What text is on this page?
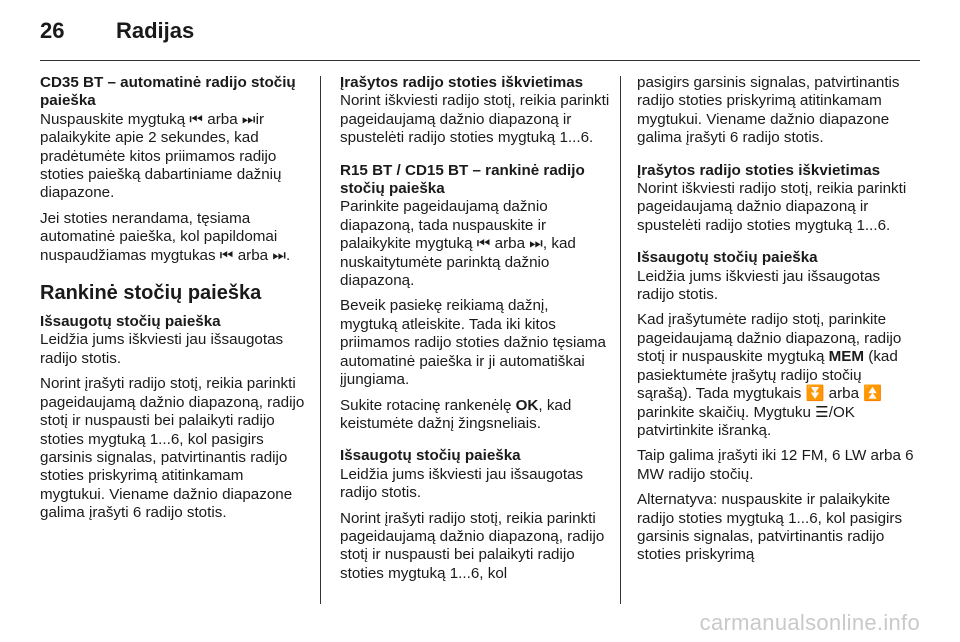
26	Radijas
CD35 BT – automatinė radijo stočių paieška
Nuspauskite mygtuką ⏮ arba ⏭ir palaikykite apie 2 sekundes, kad pradėtumėte kitos priimamos radijo stoties paiešką dabartiniame dažnių diapazone.
Jei stoties nerandama, tęsiama automatinė paieška, kol papildomai nuspaudžiamas mygtukas ⏮ arba ⏭.
Rankinė stočių paieška
Išsaugotų stočių paieška
Leidžia jums iškviesti jau išsaugotas radijo stotis.
Norint įrašyti radijo stotį, reikia parinkti pageidaujamą dažnio diapazoną, radijo stotį ir nuspausti bei palaikyti radijo stoties mygtuką 1...6, kol pasigirs garsinis signalas, patvirtinantis radijo stoties priskyrimą atitinkamam mygtukui. Viename dažnio diapazone galima įrašyti 6 radijo stotis.
Įrašytos radijo stoties iškvietimas
Norint iškviesti radijo stotį, reikia parinkti pageidaujamą dažnio diapazoną ir spustelėti radijo stoties mygtuką 1...6.
R15 BT / CD15 BT – rankinė radijo stočių paieška
Parinkite pageidaujamą dažnio diapazoną, tada nuspauskite ir palaikykite mygtuką ⏮ arba ⏭, kad nuskaitytumėte parinktą dažnio diapazoną.
Beveik pasiekę reikiamą dažnį, mygtuką atleiskite. Tada iki kitos priimamos radijo stoties dažnio tęsiama automatinė paieška ir ji automatiškai įjungiama.
Sukite rotacinę rankenėlę OK, kad keistumėte dažnį žingsneliais.
Išsaugotų stočių paieška
Leidžia jums iškviesti jau išsaugotas radijo stotis.
Norint įrašyti radijo stotį, reikia parinkti pageidaujamą dažnio diapazoną, radijo stotį ir nuspausti bei palaikyti radijo stoties mygtuką 1...6, kol
pasigirs garsinis signalas, patvirtinantis radijo stoties priskyrimą atitinkamam mygtukui. Viename dažnio diapazone galima įrašyti 6 radijo stotis.
Įrašytos radijo stoties iškvietimas
Norint iškviesti radijo stotį, reikia parinkti pageidaujamą dažnio diapazoną ir spustelėti radijo stoties mygtuką 1...6.
Išsaugotų stočių paieška
Leidžia jums iškviesti jau išsaugotas radijo stotis.
Kad įrašytumėte radijo stotį, parinkite pageidaujamą dažnio diapazoną, radijo stotį ir nuspauskite mygtuką MEM (kad pasiektumėte įrašytų radijo stočių sąrašą). Tada mygtukais ⏬ arba ⏫ parinkite skaičių. Mygtuku ☰/OK patvirtinkite išranką.
Taip galima įrašyti iki 12 FM, 6 LW arba 6 MW radijo stočių.
Alternatyva: nuspauskite ir palaikykite radijo stoties mygtuką 1...6, kol pasigirs garsinis signalas, patvirtinantis radijo stoties priskyrimą
carmanualsonline.info
